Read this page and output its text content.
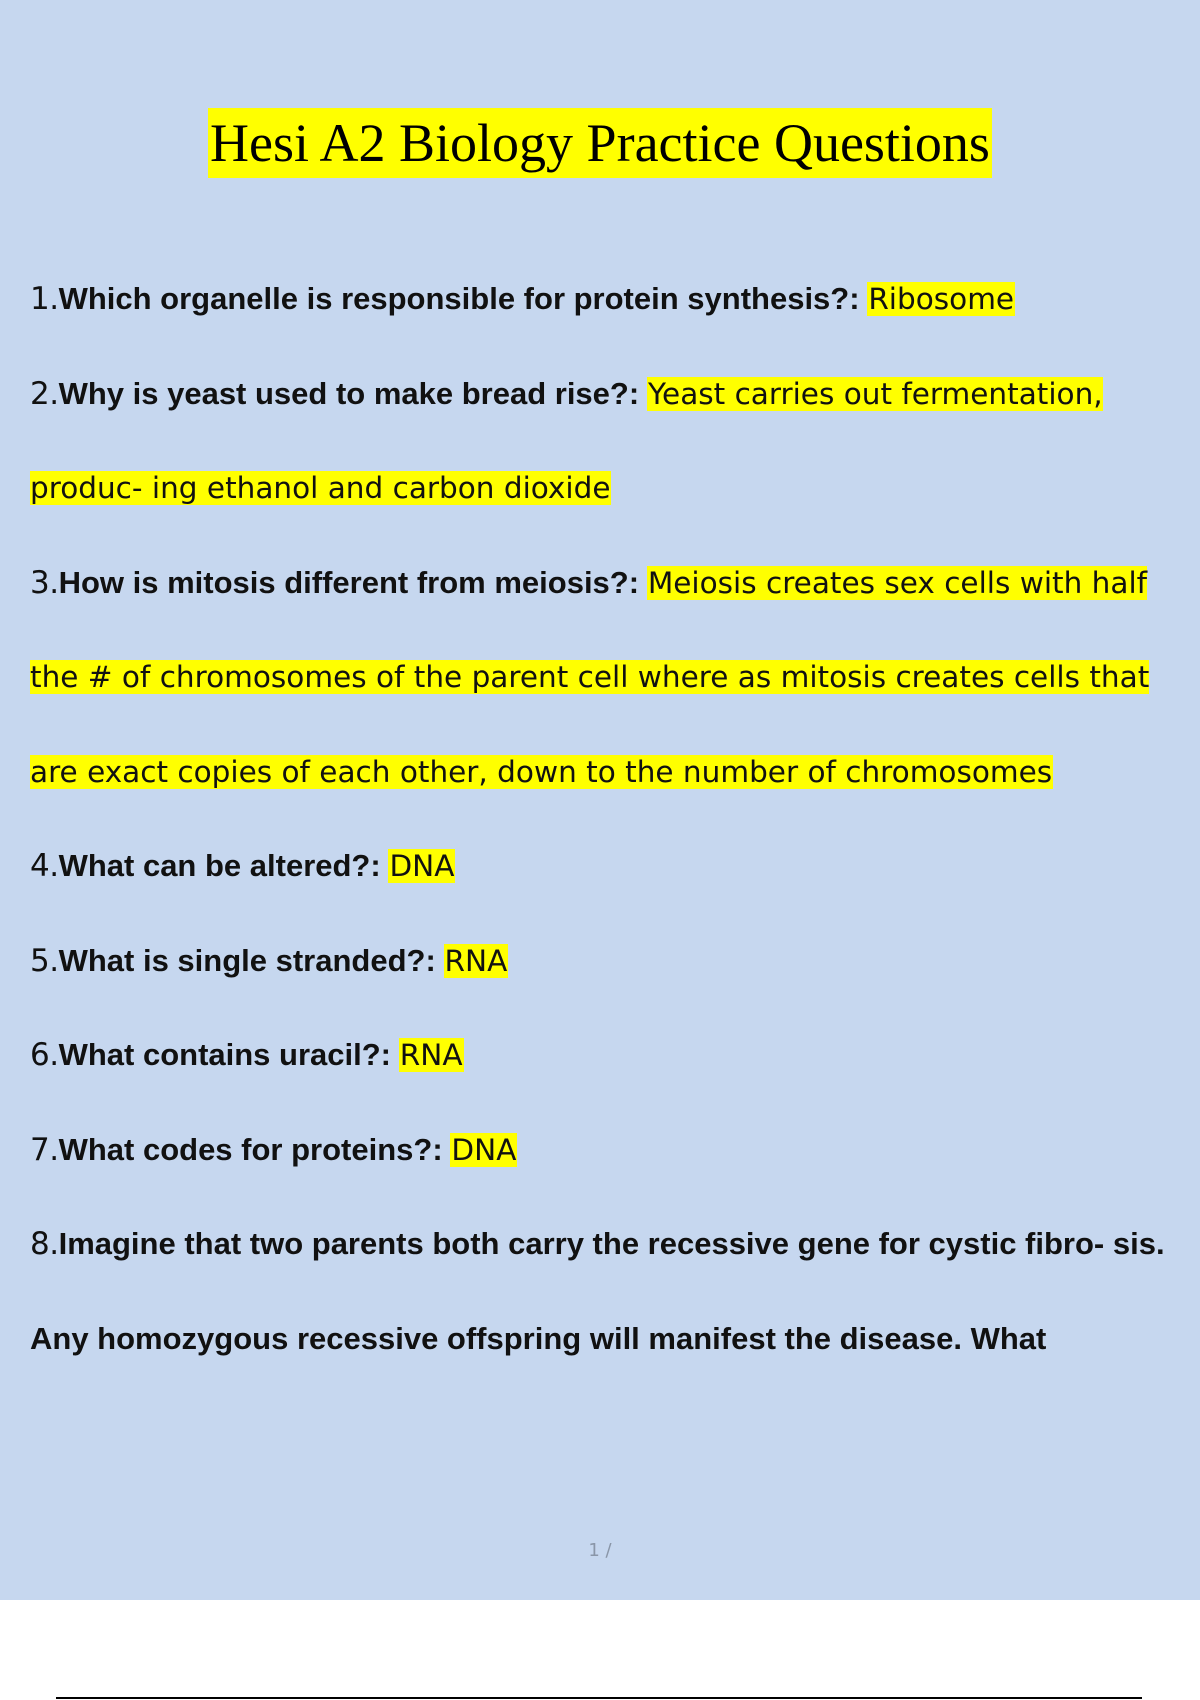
Hesi A2 Biology Practice Questions
1.Which organelle is responsible for protein synthesis?: Ribosome
2.Why is yeast used to make bread rise?: Yeast carries out fermentation, produc- ing ethanol and carbon dioxide
3.How is mitosis different from meiosis?: Meiosis creates sex cells with half the # of chromosomes of the parent cell where as mitosis creates cells that are exact copies of each other, down to the number of chromosomes
4.What can be altered?: DNA
5.What is single stranded?: RNA
6.What contains uracil?: RNA
7.What codes for proteins?: DNA
8.Imagine that two parents both carry the recessive gene for cystic fibro- sis. Any homozygous recessive offspring will manifest the disease. What
1 /
